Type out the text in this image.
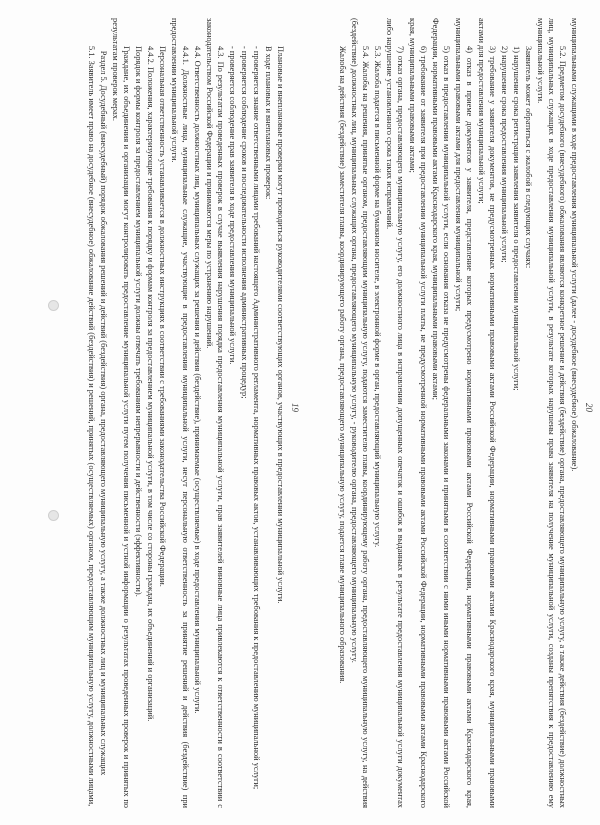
20

муниципальными служащими в ходе предоставления муниципальной услуги (далее - досудебное (внесудебное) обжалование).

5.2. Предметом досудебного (внесудебного) обжалования являются конкретное решение и действия (бездействие) органа, предоставляющего муниципальную услугу, а также действия (бездействие) должностных лиц, муниципальных служащих в ходе предоставления муниципальной услуги, в результате которых нарушены права заявителя на получение муниципальной услуги, созданы препятствия к предоставлению ему муниципальной услуги.

Заявитель может обратиться с жалобой в следующих случаях:

1) нарушение срока регистрации заявления заявителя о предоставлении муниципальной услуги;

2) нарушение срока предоставления муниципальной услуги;

3) требование у заявителя документов, не предусмотренных нормативными правовыми актами Российской Федерации, нормативными правовыми актами Краснодарского края, муниципальными правовыми актами для предоставления муниципальной услуги;

4) отказ в приеме документов у заявителя, представление которых предусмотрено нормативными правовыми актами Российской Федерации, нормативными правовыми актами Краснодарского края, муниципальными правовыми актами для предоставления муниципальной услуги;

5) отказ в предоставлении муниципальной услуги, если основания отказа не предусмотрены федеральными законами и принятыми в соответствии с ними иными нормативными правовыми актами Российской Федерации, нормативными правовыми актами Краснодарского края, муниципальными правовыми актами;

6) требование от заявителя при предоставлении муниципальной услуги платы, не предусмотренной нормативными правовыми актами Российской Федерации, нормативными правовыми актами Краснодарского края, муниципальными правовыми актами;

7) отказ органа, предоставляющего муниципальную услугу, его должностного лица в исправлении допущенных опечаток и ошибок в выданных в результате предоставления муниципальной услуги документах либо нарушение установленного срока таких исправлений.

5.3. Жалоба подается в письменной форме на бумажном носителе, в электронной форме в орган, предоставляющий муниципальную услугу.

5.4. Жалобы на решения, принятые органом, предоставляющим муниципальную услугу, подаются заместителю главы, координирующему работу органа, предоставляющего муниципальную услугу, на действия (бездействие) должностных лиц, муниципальных служащих органа, предоставляющего муниципальную услугу, - руководителю органа, предоставляющего муниципальную услугу.

Жалоба на действия (бездействие) заместителя главы, координирующего работу органа, предоставляющего муниципальную услугу, подается главе муниципального образования.

19

Плановые и внеплановые проверки могут проводиться руководителями соответствующих органов, участвующих в предоставлении муниципальной услуги.

В ходе плановых и внеплановых проверок:

- проверяется знание ответственными лицами требований настоящего Административного регламента, нормативных правовых актов, устанавливающих требования к предоставлению муниципальной услуги;

- проверяется соблюдение сроков и последовательности исполнения административных процедур;

- проверяется соблюдение прав заявителя в ходе предоставления муниципальной услуги.

4.3. По результатам проведенных проверок в случае выявления нарушения порядка предоставления муниципальной услуги, прав заявителей виновные лица привлекаются к ответственности в соответствии с законодательством Российской Федерации и принимаются меры по устранению нарушений.

4.4. Ответственность должностных лиц, муниципальных служащих за решения и действия (бездействие), принимаемые (осуществляемые) в ходе предоставления муниципальной услуги.

4.4.1. Должностные лица, муниципальные служащие, участвующие в предоставлении муниципальной услуги, несут персональную ответственность за принятие решений и действия (бездействие) при предоставлении муниципальной услуги.

Персональная ответственность устанавливается в должностных инструкциях в соответствии с требованиями законодательства Российской Федерации.

4.4.2. Положения, характеризующие требования к порядку и формам контроля за предоставлением муниципальной услуги, в том числе со стороны граждан, их объединений и организаций.

Порядок и формы контроля за предоставлением муниципальной услуги должны отвечать требованиям непрерывности и действенности (эффективности).

Граждане, их объединения и организации могут контролировать предоставление муниципальной услуги путем получения письменной и устной информации о результатах проведенных проверок и принятых по результатам проверок мерах.

Раздел 5. Досудебный (внесудебный) порядок обжалования решений и действий (бездействия) органа, предоставляющего муниципальную услугу, а также должностных лиц и муниципальных служащих

5.1. Заявитель имеет право на досудебное (внесудебное) обжалование действий (бездействия) и решений, принятых (осуществляемых) органом, предоставляющим муниципальную услугу, должностными лицами,
